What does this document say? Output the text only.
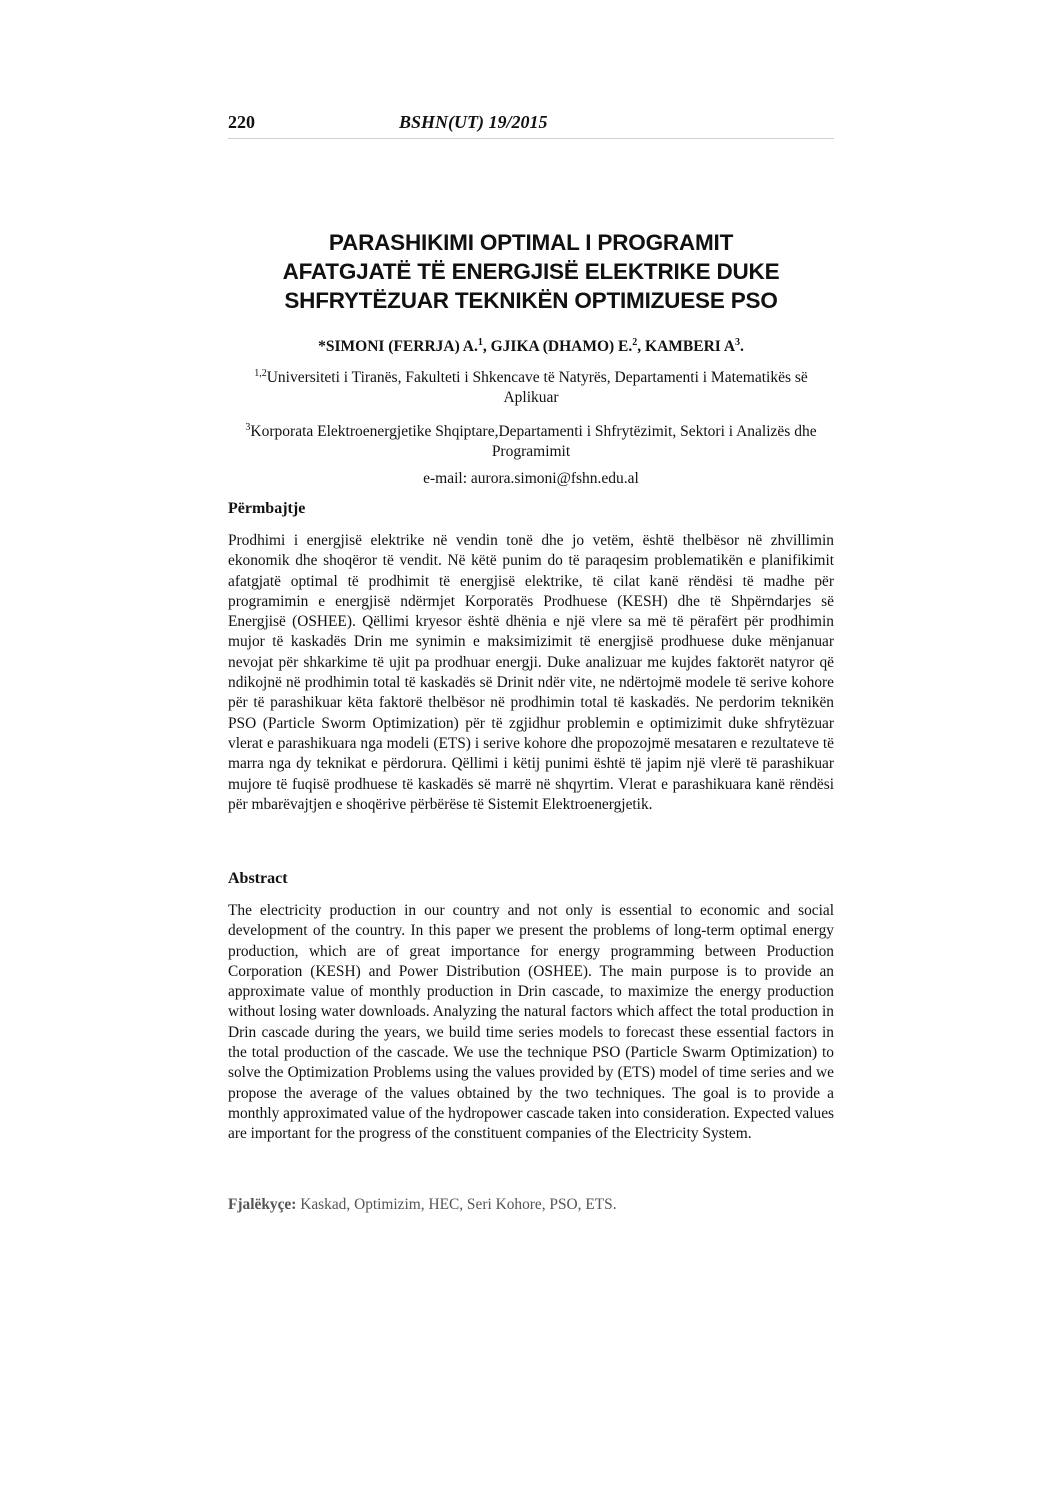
220	BSHN(UT) 19/2015
PARASHIKIMI OPTIMAL I PROGRAMIT
AFATGJATË TË ENERGJISË ELEKTRIKE DUKE
SHFRYTËZUAR TEKNIKËN OPTIMIZUESE PSO
*SIMONI (FERRJA) A.$^1$, GJIKA (DHAMO) E.$^2$, KAMBERI $A^3$.
$^{1,2}$Universiteti i Tiranës, Fakulteti i Shkencave të Natyrës, Departamenti i Matematikës së Aplikuar
$^3$Korporata Elektroenergjetike Shqiptare,Departamenti i Shfrytëzimit, Sektori i Analizës dhe Programimit
e-mail: aurora.simoni@fshn.edu.al
Përmbajtje
Prodhimi i energjisë elektrike në vendin tonë dhe jo vetëm, është thelbësor në zhvillimin ekonomik dhe shoqëror të vendit. Në këtë punim do të paraqesim problematikën e planifikimit afatgjatë optimal të prodhimit të energjisë elektrike, të cilat kanë rëndësi të madhe për programimin e energjisë ndërmjet Korporatës Prodhuese (KESH) dhe të Shpërndarjes së Energjisë (OSHEE). Qëllimi kryesor është dhënia e një vlere sa më të përafërt për prodhimin mujor të kaskadës Drin me synimin e maksimizimit të energjisë prodhuese duke mënjanuar nevojat për shkarkime të ujit pa prodhuar energji. Duke analizuar me kujdes faktorët natyror që ndikojnë në prodhimin total të kaskadës së Drinit ndër vite, ne ndërtojmë modele të serive kohore për të parashikuar këta faktorë thelbësor në prodhimin total të kaskadës. Ne perdorim teknikën PSO (Particle Sworm Optimization) për të zgjidhur problemin e optimizimit duke shfrytëzuar vlerat e parashikuara nga modeli (ETS) i serive kohore dhe propozojmë mesataren e rezultateve të marra nga dy teknikat e përdorura. Qëllimi i këtij punimi është të japim një vlerë të parashikuar mujore të fuqisë prodhuese të kaskadës së marrë në shqyrtim. Vlerat e parashikuara kanë rëndësi për mbarëvajtjen e shoqërive përbërëse të Sistemit Elektroenergjetik.
Abstract
The electricity production in our country and not only is essential to economic and social development of the country. In this paper we present the problems of long-term optimal energy production, which are of great importance for energy programming between Production Corporation (KESH) and Power Distribution (OSHEE). The main purpose is to provide an approximate value of monthly production in Drin cascade, to maximize the energy production without losing water downloads. Analyzing the natural factors which affect the total production in Drin cascade during the years, we build time series models to forecast these essential factors in the total production of the cascade. We use the technique PSO (Particle Swarm Optimization) to solve the Optimization Problems using the values provided by (ETS) model of time series and we propose the average of the values obtained by the two techniques. The goal is to provide a monthly approximated value of the hydropower cascade taken into consideration. Expected values are important for the progress of the constituent companies of the Electricity System.
Fjalëkyçe: Kaskad, Optimizim, HEC, Seri Kohore, PSO, ETS.
